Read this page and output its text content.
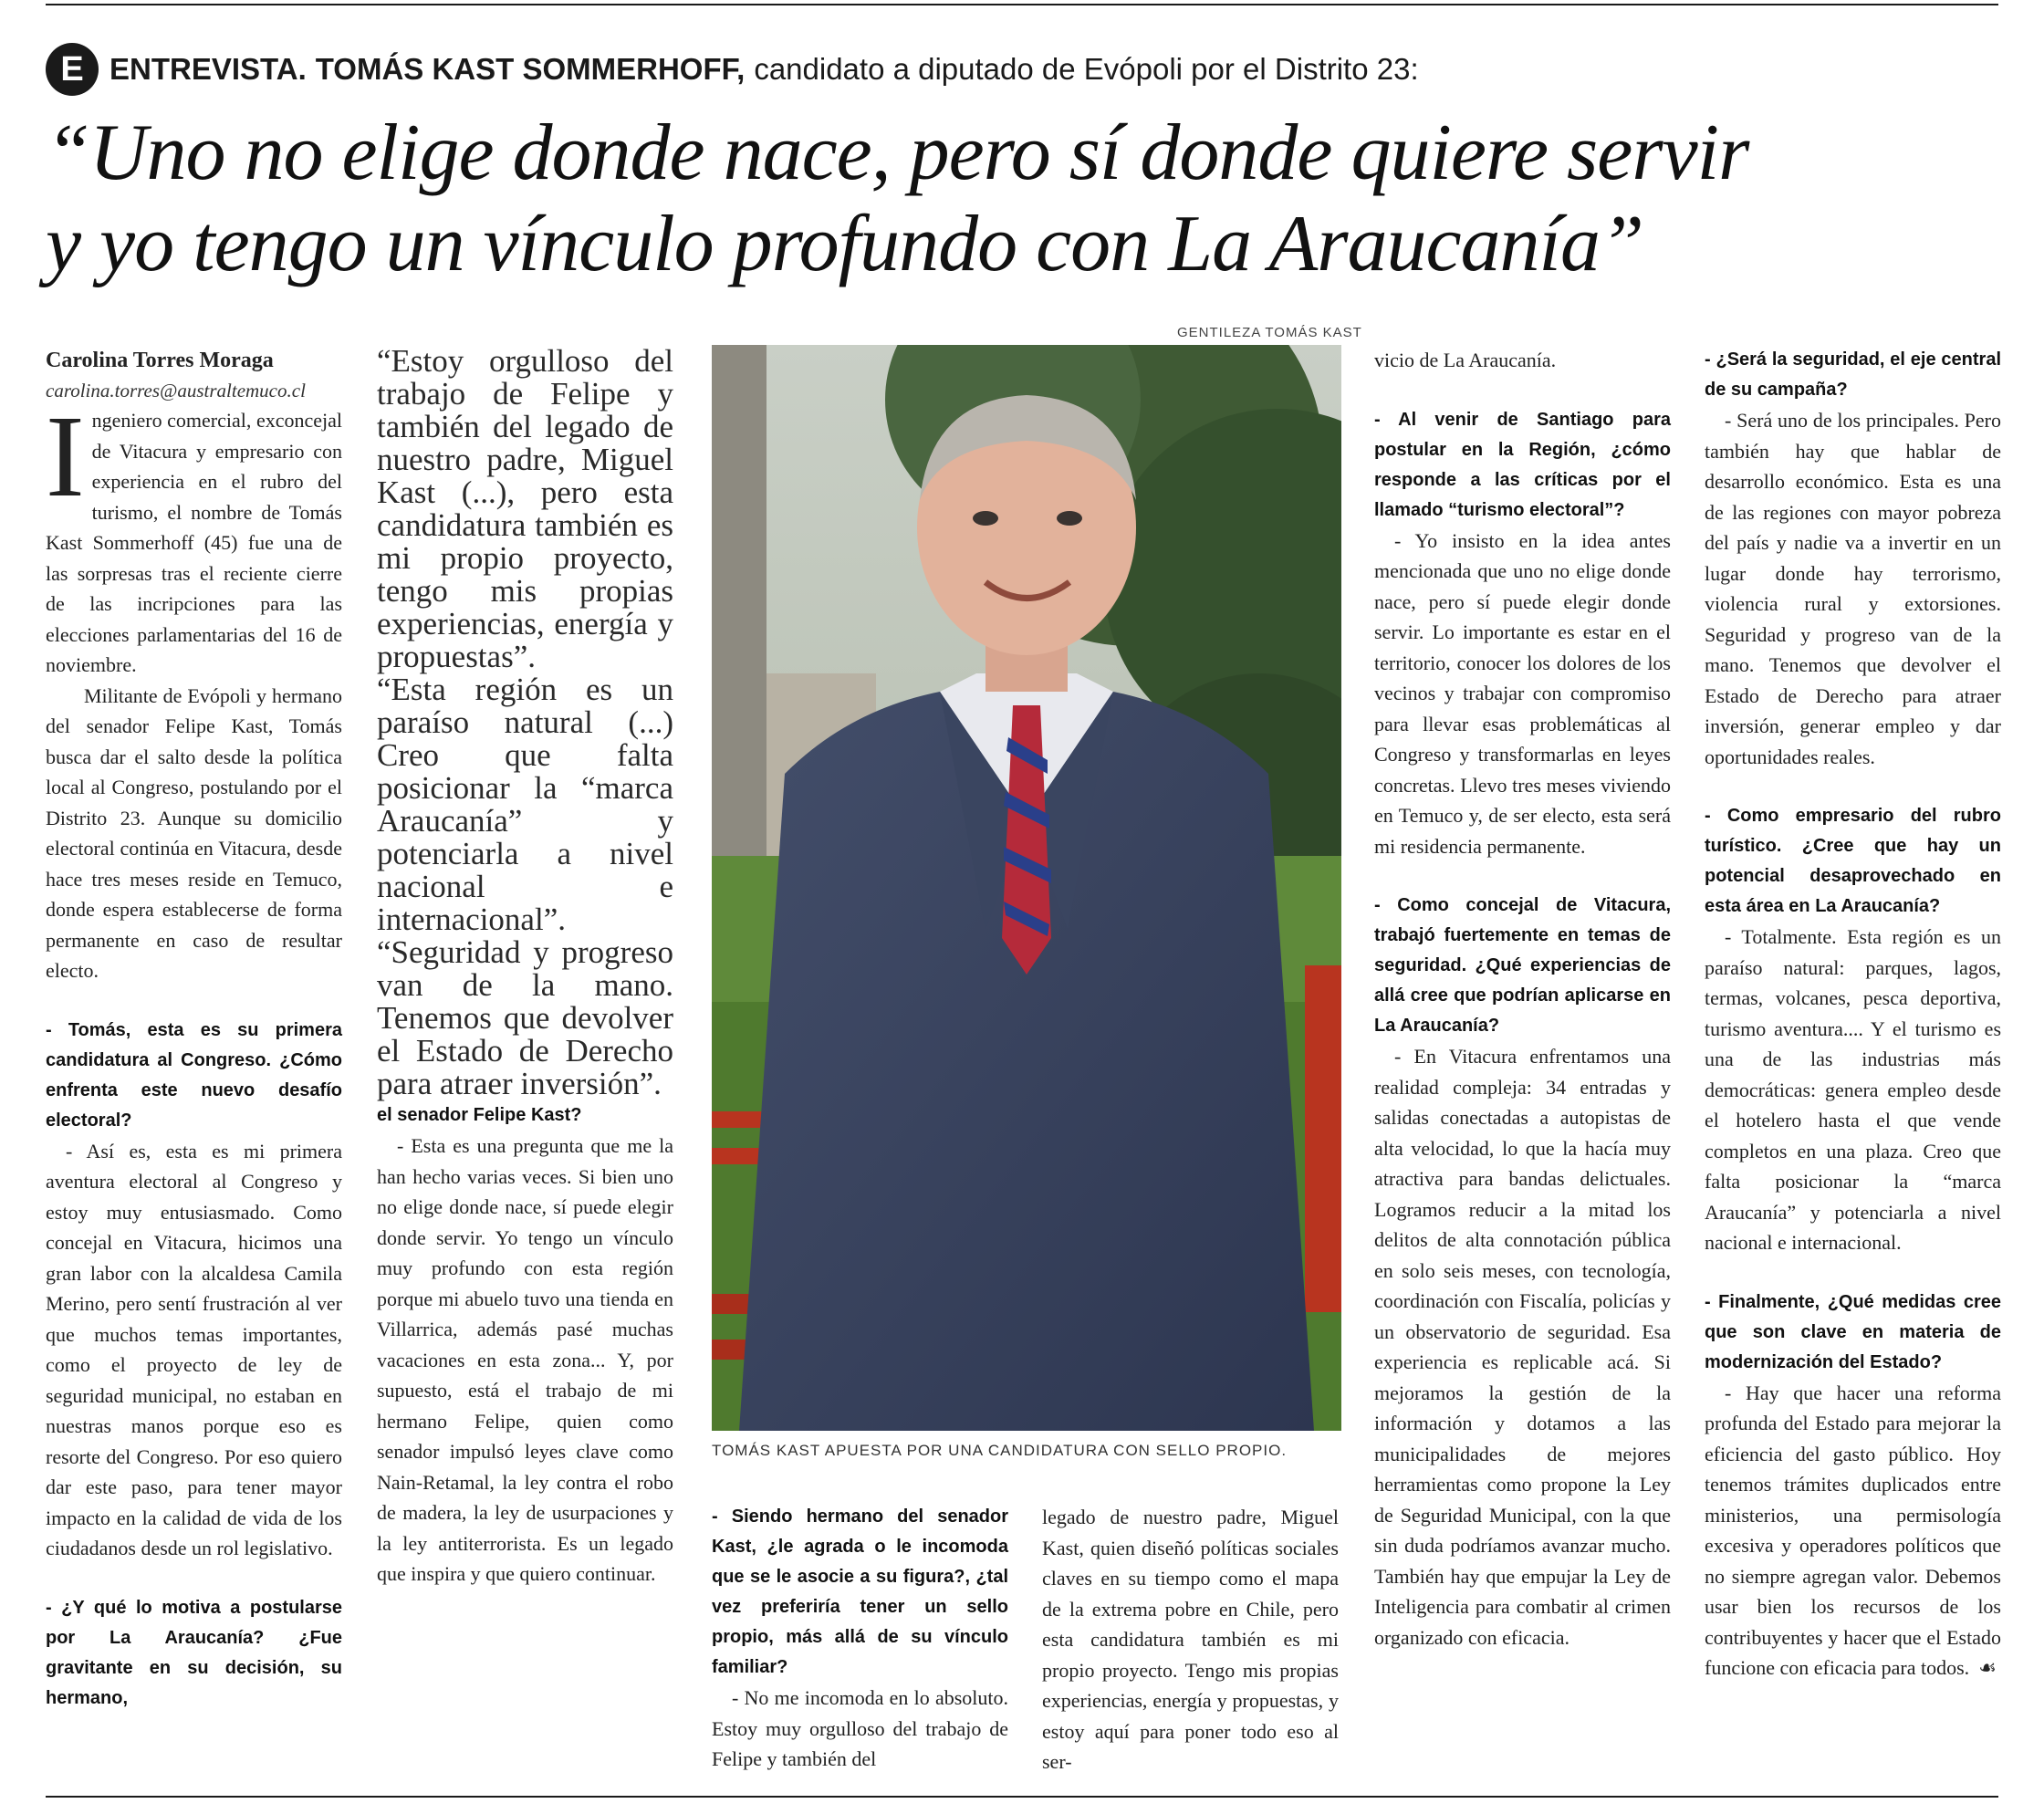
E ENTREVISTA. TOMÁS KAST SOMMERHOFF, candidato a diputado de Evópoli por el Distrito 23:
“Uno no elige donde nace, pero sí donde quiere servir
y yo tengo un vínculo profundo con La Araucanía”

Carolina Torres Moraga

carolina.torres@australtemuco.cl

Ingeniero comercial, exconcejal de Vitacura y empresario con experiencia en el rubro del turismo, el nombre de Tomás Kast Sommerhoff (45) fue una de las sorpresas tras el reciente cierre de las incripciones para las elecciones parlamentarias del 16 de noviembre.

Militante de Evópoli y hermano del senador Felipe Kast, Tomás busca dar el salto desde la política local al Congreso, postulando por el Distrito 23. Aunque su domicilio electoral continúa en Vitacura, desde hace tres meses reside en Temuco, donde espera establecerse de forma permanente en caso de resultar electo.

- Tomás, esta es su primera candidatura al Congreso. ¿Cómo enfrenta este nuevo desafío electoral?

- Así es, esta es mi primera aventura electoral al Congreso y estoy muy entusiasmado. Como concejal en Vitacura, hicimos una gran labor con la alcaldesa Camila Merino, pero sentí frustración al ver que muchos temas importantes, como el proyecto de ley de seguridad municipal, no estaban en nuestras manos porque eso es resorte del Congreso. Por eso quiero dar este paso, para tener mayor impacto en la calidad de vida de los ciudadanos desde un rol legislativo.

- ¿Y qué lo motiva a postularse por La Araucanía? ¿Fue gravitante en su decisión, su hermano,

“Estoy orgulloso del trabajo de Felipe y también del legado de nuestro padre, Miguel Kast (...), pero esta candidatura también es mi propio proyecto, tengo mis propias experiencias, energía y propuestas”.

“Esta región es un paraíso natural (...) Creo que falta posicionar la “marca Araucanía” y potenciarla a nivel nacional e internacional”.

“Seguridad y progreso van de la mano. Tenemos que devolver el Estado de Derecho para atraer inversión”.

el senador Felipe Kast?

- Esta es una pregunta que me la han hecho varias veces. Si bien uno no elige donde nace, sí puede elegir donde servir. Yo tengo un vínculo muy profundo con esta región porque mi abuelo tuvo una tienda en Villarrica, además pasé muchas vacaciones en esta zona... Y, por supuesto, está el trabajo de mi hermano Felipe, quien como senador impulsó leyes clave como Nain-Retamal, la ley contra el robo de madera, la ley de usurpaciones y la ley antiterrorista. Es un legado que inspira y que quiero continuar.

GENTILEZA TOMÁS KAST
TOMÁS KAST APUESTA POR UNA CANDIDATURA CON SELLO PROPIO.

- Siendo hermano del senador Kast, ¿le agrada o le incomoda que se le asocie a su figura?, ¿tal vez preferiría tener un sello propio, más allá de su vínculo familiar?

- No me incomoda en lo absoluto. Estoy muy orgulloso del trabajo de Felipe y también del

legado de nuestro padre, Miguel Kast, quien diseñó políticas sociales claves en su tiempo como el mapa de la extrema pobre en Chile, pero esta candidatura también es mi propio proyecto. Tengo mis propias experiencias, energía y propuestas, y estoy aquí para poner todo eso al ser-

vicio de La Araucanía.

- Al venir de Santiago para postular en la Región, ¿cómo responde a las críticas por el llamado “turismo electoral”?

- Yo insisto en la idea antes mencionada que uno no elige donde nace, pero sí puede elegir donde servir. Lo importante es estar en el territorio, conocer los dolores de los vecinos y trabajar con compromiso para llevar esas problemáticas al Congreso y transformarlas en leyes concretas. Llevo tres meses viviendo en Temuco y, de ser electo, esta será mi residencia permanente.

- Como concejal de Vitacura, trabajó fuertemente en temas de seguridad. ¿Qué experiencias de allá cree que podrían aplicarse en La Araucanía?

- En Vitacura enfrentamos una realidad compleja: 34 entradas y salidas conectadas a autopistas de alta velocidad, lo que la hacía muy atractiva para bandas delictuales. Logramos reducir a la mitad los delitos de alta connotación pública en solo seis meses, con tecnología, coordinación con Fiscalía, policías y un observatorio de seguridad. Esa experiencia es replicable acá. Si mejoramos la gestión de la información y dotamos a las municipalidades de mejores herramientas como propone la Ley de Seguridad Municipal, con la que sin duda podríamos avanzar mucho. También hay que empujar la Ley de Inteligencia para combatir al crimen organizado con eficacia.

- ¿Será la seguridad, el eje central de su campaña?

- Será uno de los principales. Pero también hay que hablar de desarrollo económico. Esta es una de las regiones con mayor pobreza del país y nadie va a invertir en un lugar donde hay terrorismo, violencia rural y extorsiones. Seguridad y progreso van de la mano. Tenemos que devolver el Estado de Derecho para atraer inversión, generar empleo y dar oportunidades reales.

- Como empresario del rubro turístico. ¿Cree que hay un potencial desaprovechado en esta área en La Araucanía?

- Totalmente. Esta región es un paraíso natural: parques, lagos, termas, volcanes, pesca deportiva, turismo aventura.... Y el turismo es una de las industrias más democráticas: genera empleo desde el hotelero hasta el que vende completos en una plaza. Creo que falta posicionar la “marca Araucanía” y potenciarla a nivel nacional e internacional.

- Finalmente, ¿Qué medidas cree que son clave en materia de modernización del Estado?

- Hay que hacer una reforma profunda del Estado para mejorar la eficiencia del gasto público. Hoy tenemos trámites duplicados entre ministerios, una permisología excesiva y operadores políticos que no siempre agregan valor. Debemos usar bien los recursos de los contribuyentes y hacer que el Estado funcione con eficacia para todos. ☙
